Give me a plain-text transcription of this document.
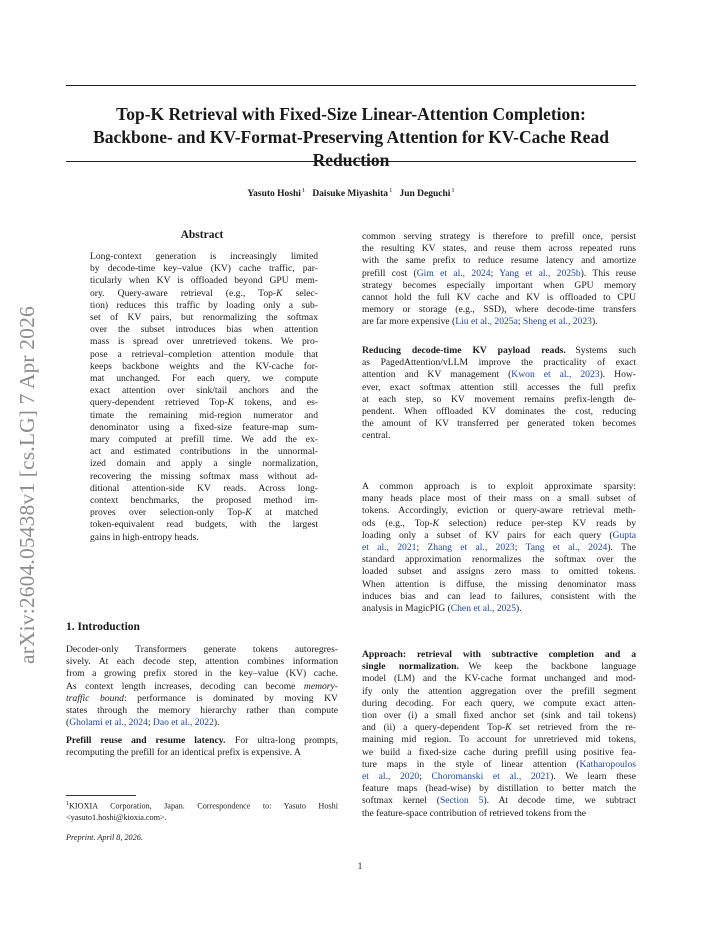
Top-K Retrieval with Fixed-Size Linear-Attention Completion:
Backbone- and KV-Format-Preserving Attention for KV-Cache Read Reduction
Yasuto Hoshi$^1$ Daisuke Miyashita$^1$ Jun Deguchi$^1$
arXiv:2604.05438v1 [cs.LG] 7 Apr 2026
Abstract

Long-context generation is increasingly limited

by decode-time key–value (KV) cache traffic, par-

ticularly when KV is offloaded beyond GPU mem-

ory. Query-aware retrieval (e.g., Top-K selec-

tion) reduces this traffic by loading only a sub-

set of KV pairs, but renormalizing the softmax

over the subset introduces bias when attention

mass is spread over unretrieved tokens. We pro-

pose a retrieval–completion attention module that

keeps backbone weights and the KV-cache for-

mat unchanged. For each query, we compute

exact attention over sink/tail anchors and the

query-dependent retrieved Top-K tokens, and es-

timate the remaining mid-region numerator and

denominator using a fixed-size feature-map sum-

mary computed at prefill time. We add the ex-

act and estimated contributions in the unnormal-

ized domain and apply a single normalization,

recovering the missing softmax mass without ad-

ditional attention-side KV reads. Across long-

context benchmarks, the proposed method im-

proves over selection-only Top-K at matched

token-equivalent read budgets, with the largest

gains in high-entropy heads.

1. Introduction

Decoder-only Transformers generate tokens autoregres-

sively. At each decode step, attention combines information

from a growing prefix stored in the key–value (KV) cache.

As context length increases, decoding can become memory-

traffic bound: performance is dominated by moving KV

states through the memory hierarchy rather than compute

(Gholami et al., 2024; Dao et al., 2022).

Prefill reuse and resume latency.  For ultra-long prompts,

recomputing the prefill for an identical prefix is expensive. A

$^1$KIOXIA Corporation, Japan. Correspondence to: Yasuto Hoshi <yasuto1.hoshi@kioxia.com>.
Preprint. April 8, 2026.

common serving strategy is therefore to prefill once, persist

the resulting KV states, and reuse them across repeated runs

with the same prefix to reduce resume latency and amortize

prefill cost (Gim et al., 2024; Yang et al., 2025b). This reuse

strategy becomes especially important when GPU memory

cannot hold the full KV cache and KV is offloaded to CPU

memory or storage (e.g., SSD), where decode-time transfers

are far more expensive (Liu et al., 2025a; Sheng et al., 2023).

Reducing decode-time KV payload reads.  Systems such

as PagedAttention/vLLM improve the practicality of exact

attention and KV management (Kwon et al., 2023). How-

ever, exact softmax attention still accesses the full prefix

at each step, so KV movement remains prefix-length de-

pendent. When offloaded KV dominates the cost, reducing

the amount of KV transferred per generated token becomes

central.

A common approach is to exploit approximate sparsity:

many heads place most of their mass on a small subset of

tokens. Accordingly, eviction or query-aware retrieval meth-

ods (e.g., Top-K selection) reduce per-step KV reads by

loading only a subset of KV pairs for each query (Gupta

et al., 2021; Zhang et al., 2023; Tang et al., 2024). The

standard approximation renormalizes the softmax over the

loaded subset and assigns zero mass to omitted tokens.

When attention is diffuse, the missing denominator mass

induces bias and can lead to failures, consistent with the

analysis in MagicPIG (Chen et al., 2025).

Approach: retrieval with subtractive completion and a

single normalization.  We keep the backbone language

model (LM) and the KV-cache format unchanged and mod-

ify only the attention aggregation over the prefill segment

during decoding. For each query, we compute exact atten-

tion over (i) a small fixed anchor set (sink and tail tokens)

and (ii) a query-dependent Top-K set retrieved from the re-

maining mid region. To account for unretrieved mid tokens,

we build a fixed-size cache during prefill using positive fea-

ture maps in the style of linear attention (Katharopoulos

et al., 2020; Choromanski et al., 2021). We learn these

feature maps (head-wise) by distillation to better match the

softmax kernel (Section 5). At decode time, we subtract

the feature-space contribution of retrieved tokens from the

1
